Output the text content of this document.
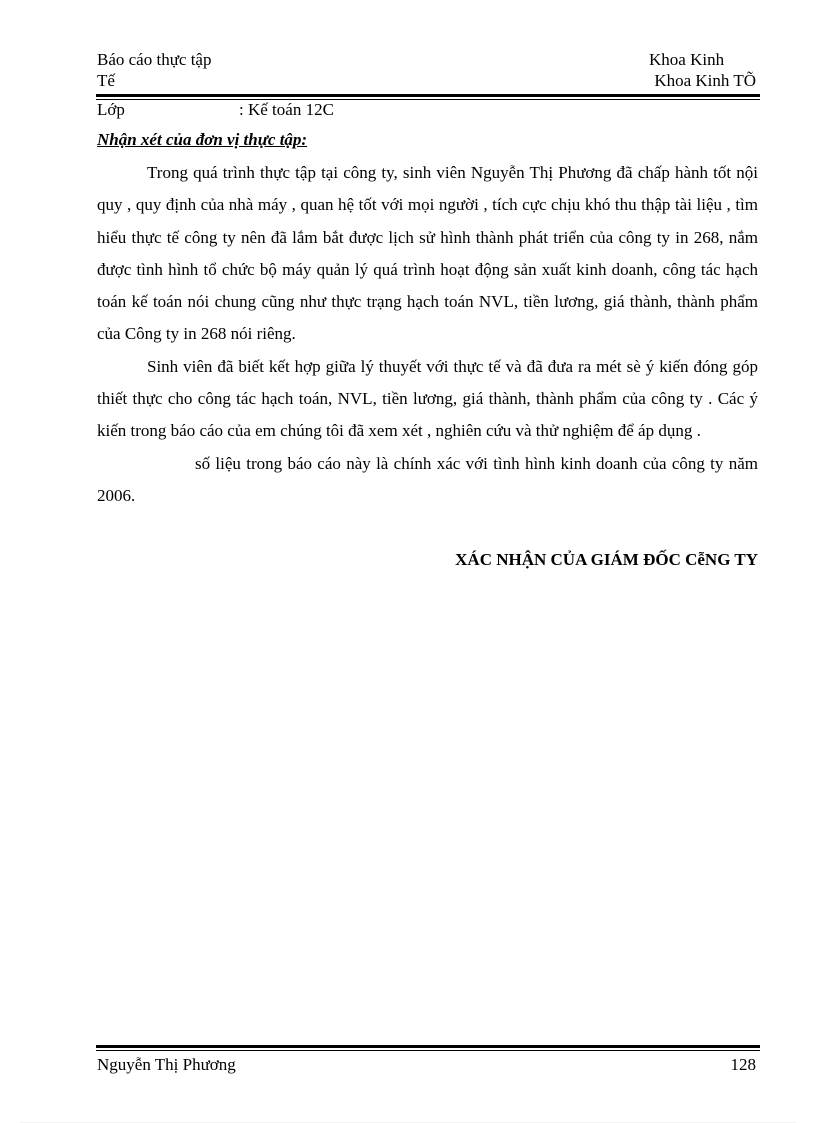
Báo cáo thực tập
Tế
Khoa Kinh
Khoa Kinh TÕ
Lớp	: Kế toán 12C
Nhận xét của đơn vị thực tập:

Trong quá trình thực tập tại công ty, sinh viên Nguyễn Thị Phương đã chấp hành tốt nội quy , quy định của nhà máy , quan hệ tốt với mọi người , tích cực chịu khó thu thập tài liệu , tìm hiểu thực tế công ty nên đã lắm bắt được lịch sử hình thành phát triển của công ty in 268, nắm được tình hình tổ chức bộ máy quản lý quá trình hoạt động sản xuất kinh doanh, công tác hạch toán kế toán nói chung cũng như thực trạng hạch toán NVL, tiền lương, giá thành, thành phẩm của Công ty in 268 nói riêng.

Sinh viên đã biết kết hợp giữa lý thuyết với thực tế và đã đưa ra mét sè ý kiến đóng góp thiết thực cho công tác hạch toán, NVL, tiền lương, giá thành, thành phẩm của công ty . Các ý kiến trong báo cáo của em chúng tôi đã xem xét , nghiên cứu và thử nghiệm để áp dụng .

số liệu trong báo cáo này là chính xác với tình hình kinh doanh của công ty năm 2006.

XÁC NHẬN CỦA GIÁM ĐỐC CễNG TY
Nguyễn Thị Phương	128
